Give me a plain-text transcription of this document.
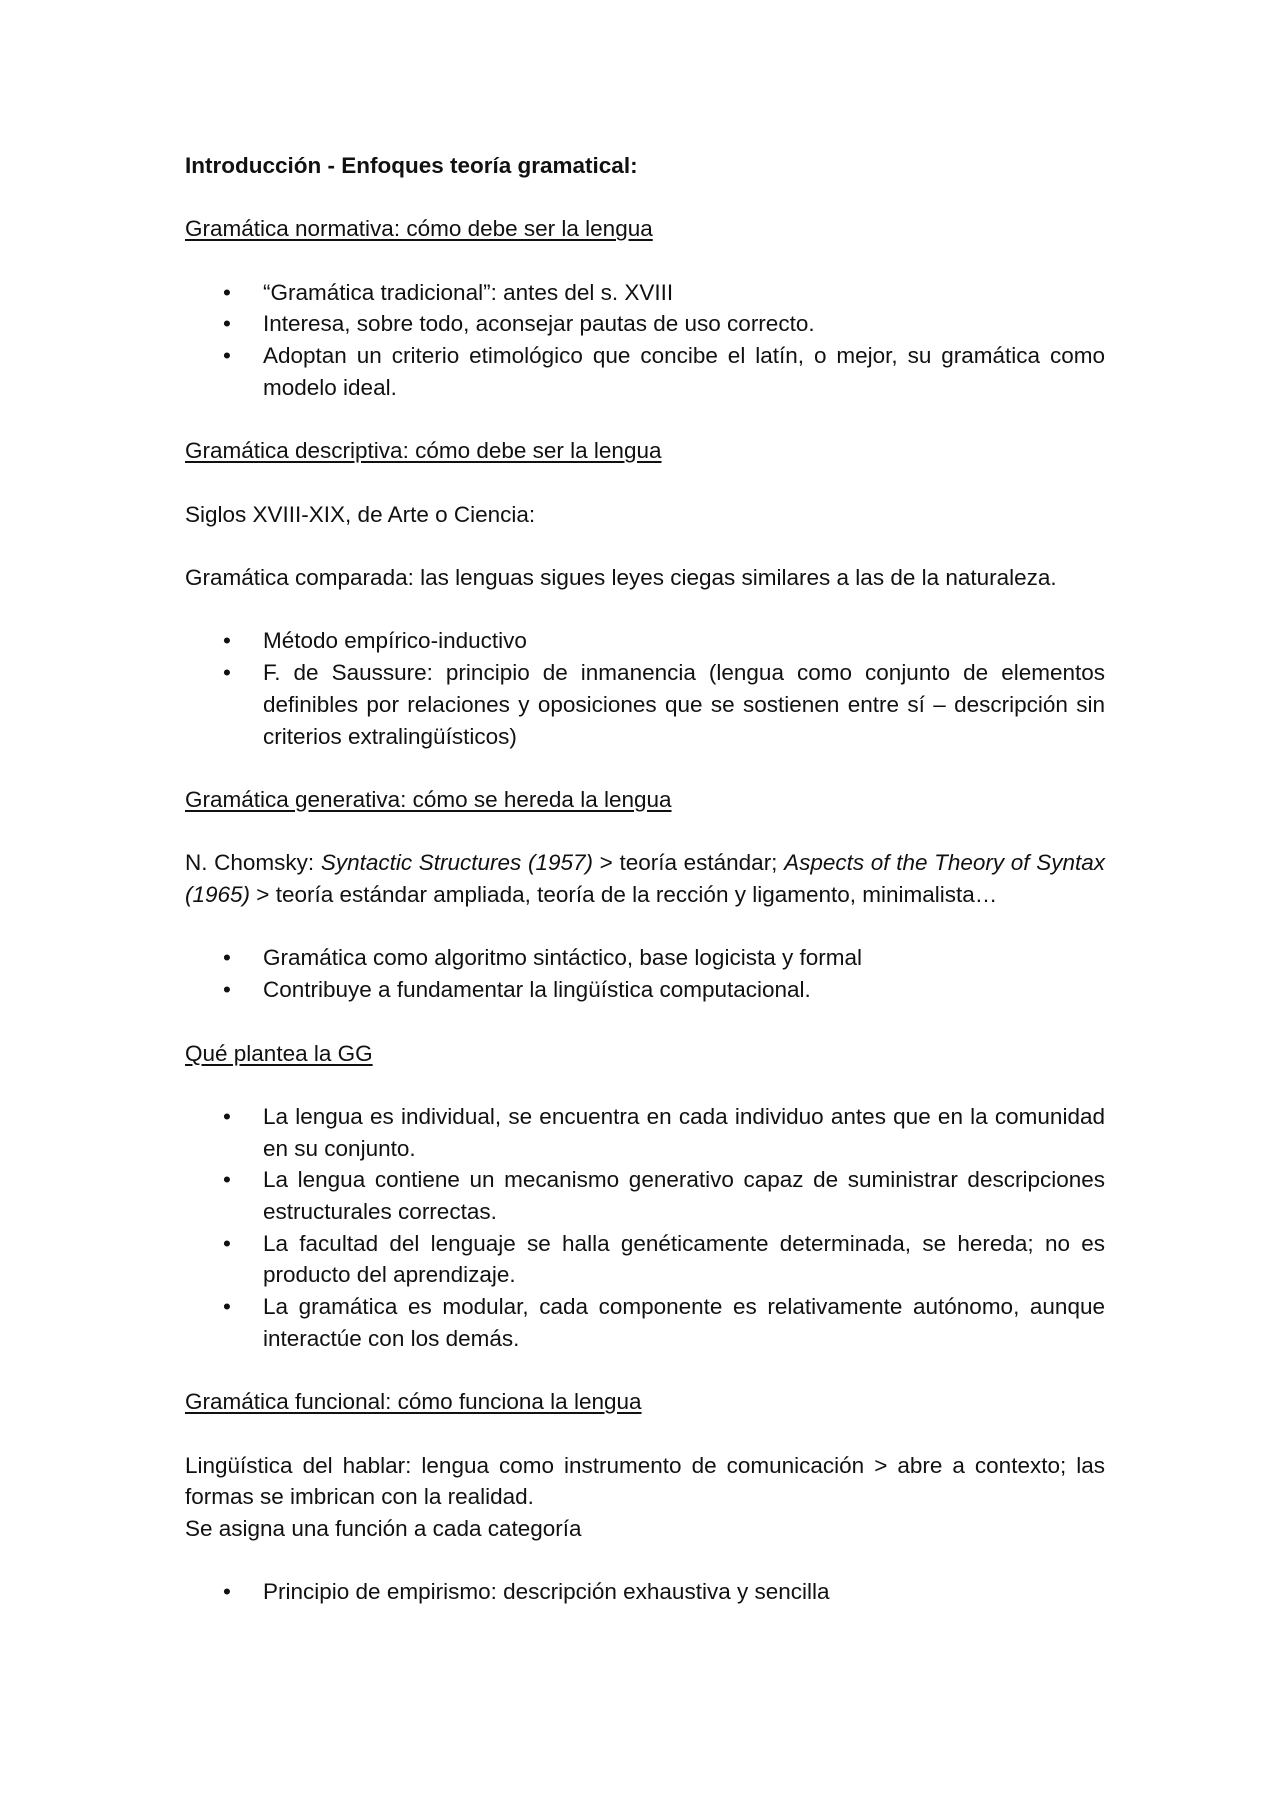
Introducción - Enfoques teoría gramatical:

Gramática normativa: cómo debe ser la lengua

•	“Gramática tradicional”: antes del s. XVIII
•	Interesa, sobre todo, aconsejar pautas de uso correcto.
•	Adoptan un criterio etimológico que concibe el latín, o mejor, su gramática como modelo ideal.

Gramática descriptiva: cómo debe ser la lengua

Siglos XVIII-XIX, de Arte o Ciencia:

Gramática comparada: las lenguas sigues leyes ciegas similares a las de la naturaleza.

•	Método empírico-inductivo
•	F. de Saussure: principio de inmanencia (lengua como conjunto de elementos definibles por relaciones y oposiciones que se sostienen entre sí – descripción sin criterios extralingüísticos)

Gramática generativa: cómo se hereda la lengua

N. Chomsky: Syntactic Structures (1957) > teoría estándar; Aspects of the Theory of Syntax (1965) > teoría estándar ampliada, teoría de la rección y ligamento, minimalista…

•	Gramática como algoritmo sintáctico, base logicista y formal
•	Contribuye a fundamentar la lingüística computacional.

Qué plantea la GG

•	La lengua es individual, se encuentra en cada individuo antes que en la comunidad en su conjunto.
•	La lengua contiene un mecanismo generativo capaz de suministrar descripciones estructurales correctas.
•	La facultad del lenguaje se halla genéticamente determinada, se hereda; no es producto del aprendizaje.
•	La gramática es modular, cada componente es relativamente autónomo, aunque interactúe con los demás.

Gramática funcional: cómo funciona la lengua

Lingüística del hablar: lengua como instrumento de comunicación > abre a contexto; las formas se imbrican con la realidad.

Se asigna una función a cada categoría

•	Principio de empirismo: descripción exhaustiva y sencilla
